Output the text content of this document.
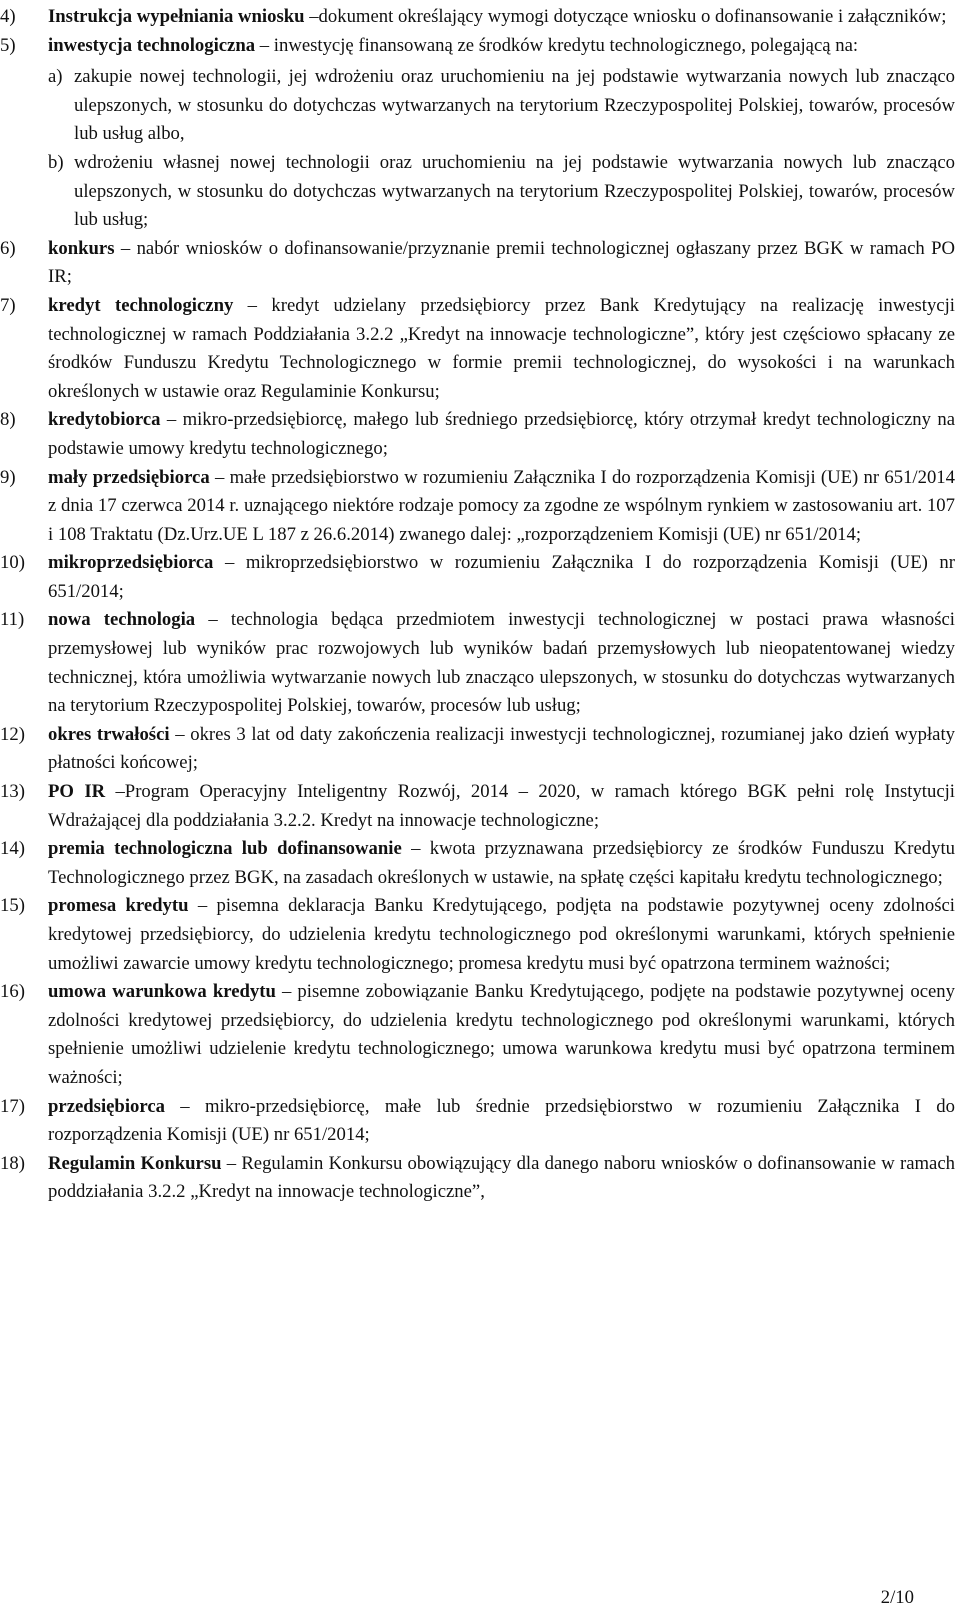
4) Instrukcja wypełniania wniosku –dokument określający wymogi dotyczące wniosku o dofinansowanie i załączników;
5) inwestycja technologiczna – inwestycję finansowaną ze środków kredytu technologicznego, polegającą na:
a) zakupie nowej technologii, jej wdrożeniu oraz uruchomieniu na jej podstawie wytwarzania nowych lub znacząco ulepszonych, w stosunku do dotychczas wytwarzanych na terytorium Rzeczypospolitej Polskiej, towarów, procesów lub usług albo,
b) wdrożeniu własnej nowej technologii oraz uruchomieniu na jej podstawie wytwarzania nowych lub znacząco ulepszonych, w stosunku do dotychczas wytwarzanych na terytorium Rzeczypospolitej Polskiej, towarów, procesów lub usług;
6) konkurs – nabór wniosków o dofinansowanie/przyznanie premii technologicznej ogłaszany przez BGK w ramach PO IR;
7) kredyt technologiczny – kredyt udzielany przedsiębiorcy przez Bank Kredytujący na realizację inwestycji technologicznej w ramach Poddziałania 3.2.2 „Kredyt na innowacje technologiczne”, który jest częściowo spłacany ze środków Funduszu Kredytu Technologicznego w formie premii technologicznej, do wysokości i na warunkach określonych w ustawie oraz Regulaminie Konkursu;
8) kredytobiorca – mikro-przedsiębiorcę, małego lub średniego przedsiębiorcę, który otrzymał kredyt technologiczny na podstawie umowy kredytu technologicznego;
9) mały przedsiębiorca – małe przedsiębiorstwo w rozumieniu Załącznika I do rozporządzenia Komisji (UE) nr 651/2014 z dnia 17 czerwca 2014 r. uznającego niektóre rodzaje pomocy za zgodne ze wspólnym rynkiem w zastosowaniu art. 107 i 108 Traktatu (Dz.Urz.UE L 187 z 26.6.2014) zwanego dalej: „rozporządzeniem Komisji (UE) nr 651/2014;
10) mikroprzedsiębiorca – mikroprzedsiębiorstwo w rozumieniu Załącznika I do rozporządzenia Komisji (UE) nr 651/2014;
11) nowa technologia – technologia będąca przedmiotem inwestycji technologicznej w postaci prawa własności przemysłowej lub wyników prac rozwojowych lub wyników badań przemysłowych lub nieopatentowanej wiedzy technicznej, która umożliwia wytwarzanie nowych lub znacząco ulepszonych, w stosunku do dotychczas wytwarzanych na terytorium Rzeczypospolitej Polskiej, towarów, procesów lub usług;
12) okres trwałości – okres 3 lat od daty zakończenia realizacji inwestycji technologicznej, rozumianej jako dzień wypłaty płatności końcowej;
13) PO IR –Program Operacyjny Inteligentny Rozwój, 2014 – 2020, w ramach którego BGK pełni rolę Instytucji Wdrażającej dla poddziałania 3.2.2. Kredyt na innowacje technologiczne;
14) premia technologiczna lub dofinansowanie – kwota przyznawana przedsiębiorcy ze środków Funduszu Kredytu Technologicznego przez BGK, na zasadach określonych w ustawie, na spłatę części kapitału kredytu technologicznego;
15) promesa kredytu – pisemna deklaracja Banku Kredytującego, podjęta na podstawie pozytywnej oceny zdolności kredytowej przedsiębiorcy, do udzielenia kredytu technologicznego pod określonymi warunkami, których spełnienie umożliwi zawarcie umowy kredytu technologicznego; promesa kredytu musi być opatrzona terminem ważności;
16) umowa warunkowa kredytu – pisemne zobowiązanie Banku Kredytującego, podjęte na podstawie pozytywnej oceny zdolności kredytowej przedsiębiorcy, do udzielenia kredytu technologicznego pod określonymi warunkami, których spełnienie umożliwi udzielenie kredytu technologicznego; umowa warunkowa kredytu musi być opatrzona terminem ważności;
17) przedsiębiorca – mikro-przedsiębiorcę, małe lub średnie przedsiębiorstwo w rozumieniu Załącznika I do rozporządzenia Komisji (UE) nr 651/2014;
18) Regulamin Konkursu – Regulamin Konkursu obowiązujący dla danego naboru wniosków o dofinansowanie w ramach poddziałania 3.2.2 „Kredyt na innowacje technologiczne”,
2/10
